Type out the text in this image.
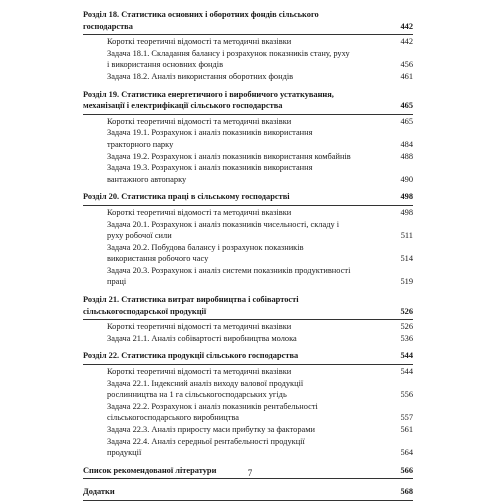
Розділ 18. Статистика основних і оборотних фондів сільського
господарства	442
Короткі теоретичні відомості та методичні вказівки	442
Задача 18.1. Складання балансу і розрахунок показників стану, руху
і використання основних фондів	456
Задача 18.2. Аналіз використання оборотних фондів	461
Розділ 19. Статистика енергетичного і виробничого устаткування,
механізації і електрифікації сільського господарства	465
Короткі теоретичні відомості та методичні вказівки	465
Задача 19.1. Розрахунок і аналіз показників використання
тракторного парку	484
Задача 19.2. Розрахунок і аналіз показників використання комбайнів	488
Задача 19.3. Розрахунок і аналіз показників використання
вантажного автопарку	490
Розділ 20. Статистика праці в сільському господарстві	498
Короткі теоретичні відомості та методичні вказівки	498
Задача 20.1. Розрахунок і аналіз показників чисельності, складу і
руху робочої сили	511
Задача 20.2. Побудова балансу і розрахунок показників
використання робочого часу	514
Задача 20.3. Розрахунок і аналіз системи показників продуктивності
праці	519
Розділ 21. Статистика витрат виробництва і собівартості
сільськогосподарської продукції	526
Короткі теоретичні відомості та методичні вказівки	526
Задача 21.1. Аналіз собівартості виробництва молока	536
Розділ 22. Статистика продукції сільського господарства	544
Короткі теоретичні відомості та методичні вказівки	544
Задача 22.1. Індексний аналіз виходу валової продукції
рослинництва на 1 га сільськогосподарських угідь	556
Задача 22.2. Розрахунок і аналіз показників рентабельності
сільськогосподарського виробництва	557
Задача 22.3. Аналіз приросту маси прибутку за факторами	561
Задача 22.4. Аналіз середньої рентабельності продукції
продукції	564
Список рекомендованої літератури	566
Додатки	568
7
